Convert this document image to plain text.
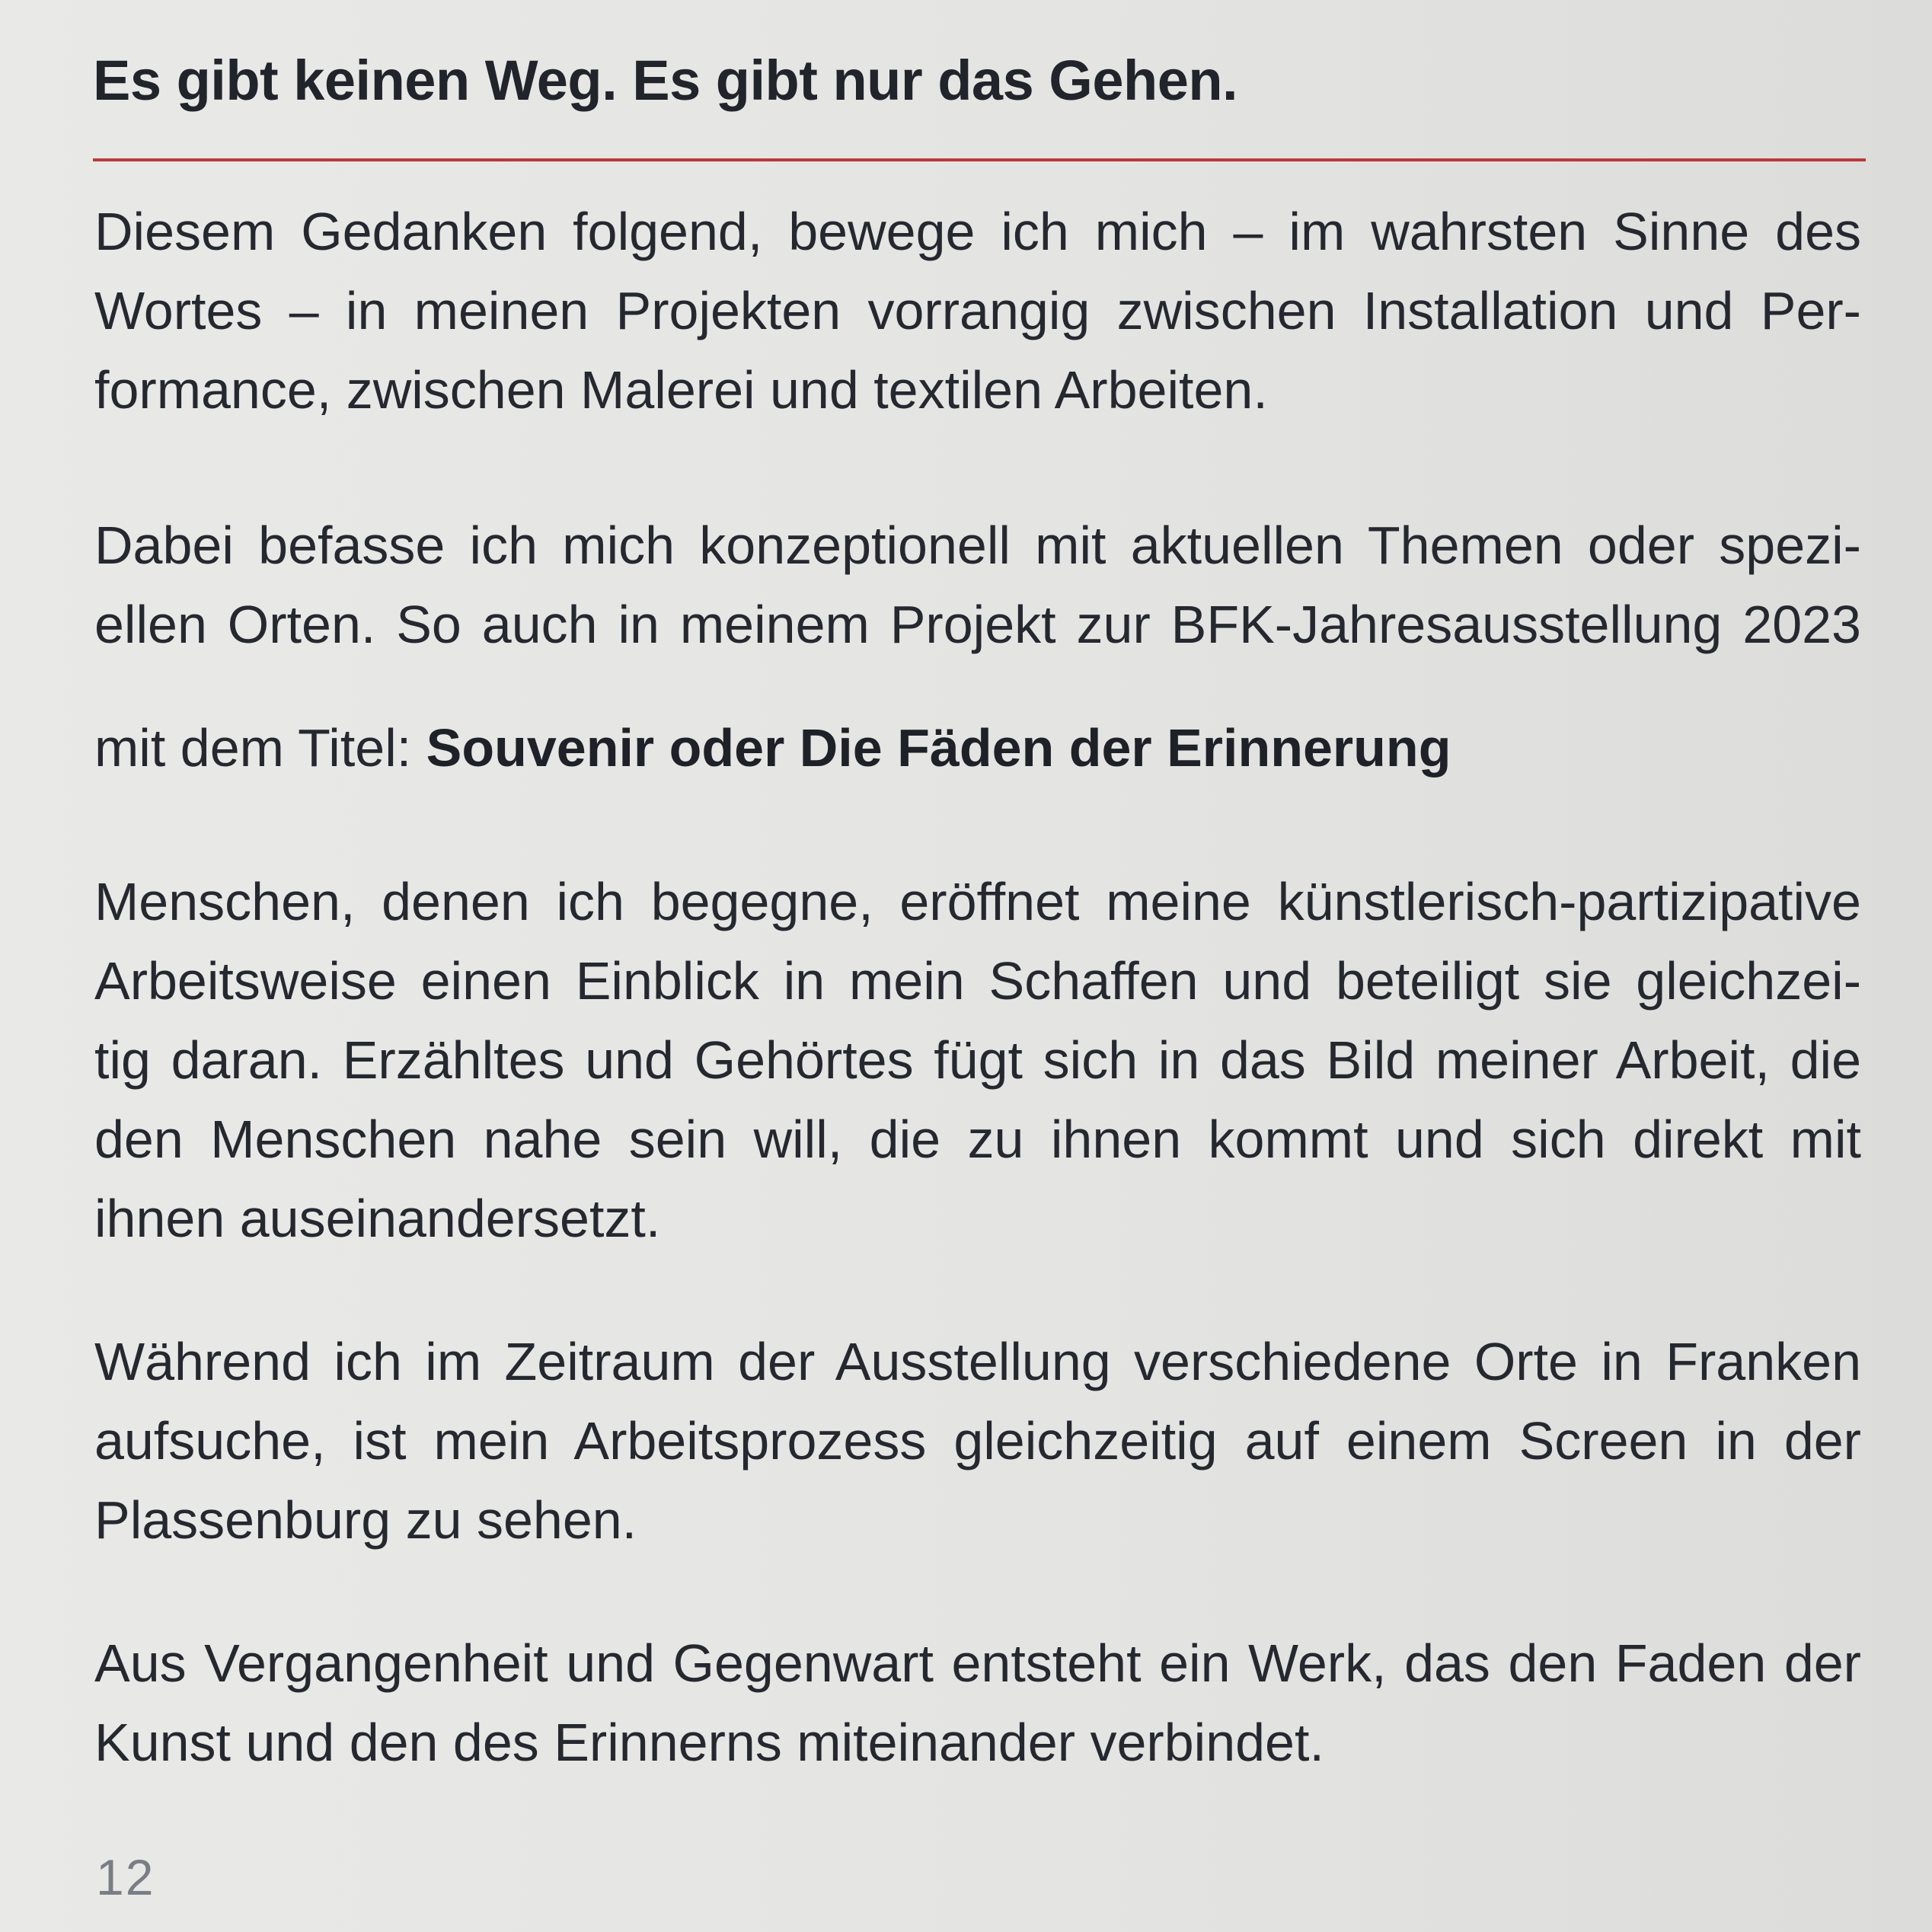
Es gibt keinen Weg. Es gibt nur das Gehen.

Diesem Gedanken folgend, bewege ich mich – im wahrsten Sinne des
Wortes – in meinen Projekten vorrangig zwischen Installation und Per-
formance, zwischen Malerei und textilen Arbeiten.

Dabei befasse ich mich konzeptionell mit aktuellen Themen oder spezi-
ellen Orten. So auch in meinem Projekt zur BFK-Jahresausstellung 2023

mit dem Titel: Souvenir oder Die Fäden der Erinnerung

Menschen, denen ich begegne, eröffnet meine künstlerisch-partizipative
Arbeitsweise einen Einblick in mein Schaffen und beteiligt sie gleichzei-
tig daran. Erzähltes und Gehörtes fügt sich in das Bild meiner Arbeit, die
den Menschen nahe sein will, die zu ihnen kommt und sich direkt mit
ihnen auseinandersetzt.

Während ich im Zeitraum der Ausstellung verschiedene Orte in Franken
aufsuche, ist mein Arbeitsprozess gleichzeitig auf einem Screen in der
Plassenburg zu sehen.

Aus Vergangenheit und Gegenwart entsteht ein Werk, das den Faden der
Kunst und den des Erinnerns miteinander verbindet.

12
